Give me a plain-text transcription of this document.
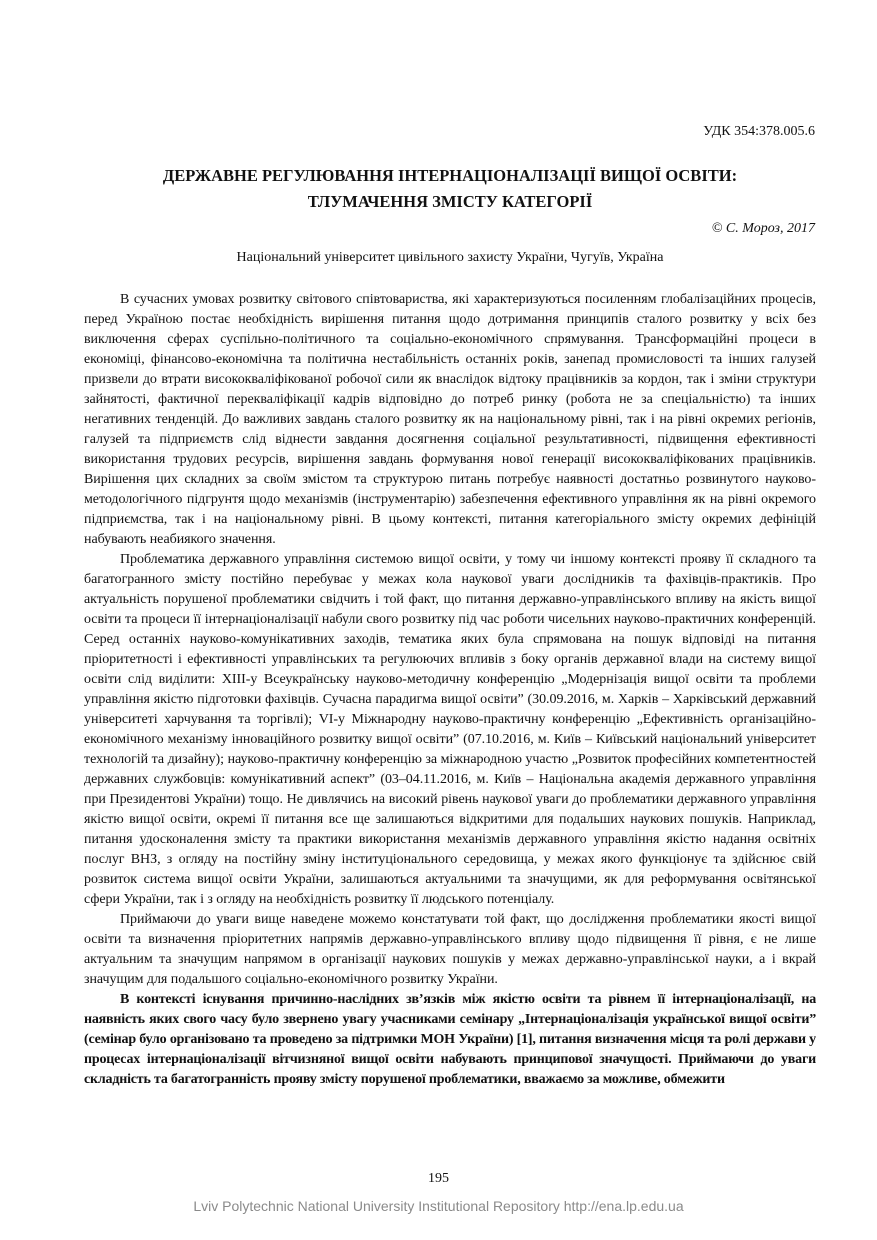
УДК 354:378.005.6
ДЕРЖАВНЕ РЕГУЛЮВАННЯ ІНТЕРНАЦІОНАЛІЗАЦІЇ ВИЩОЇ ОСВІТИ:
ТЛУМАЧЕННЯ ЗМІСТУ КАТЕГОРІЇ
© С. Мороз, 2017
Національний університет цивільного захисту України, Чугуїв, Україна

В сучасних умовах розвитку світового співтовариства, які характеризуються посиленням глобалізаційних процесів, перед Україною постає необхідність вирішення питання щодо дотримання принципів сталого розвитку у всіх без виключення сферах суспільно-політичного та соціально-економічного спрямування. Трансформаційні процеси в економіці, фінансово-економічна та політична нестабільність останніх років, занепад промисловості та інших галузей призвели до втрати висококваліфікованої робочої сили як внаслідок відтоку працівників за кордон, так і зміни структури зайнятості, фактичної перекваліфікації кадрів відповідно до потреб ринку (робота не за спеціальністю) та інших негативних тенденцій. До важливих завдань сталого розвитку як на національному рівні, так і на рівні окремих регіонів, галузей та підприємств слід віднести завдання досягнення соціальної результативності, підвищення ефективності використання трудових ресурсів, вирішення завдань формування нової генерації висококваліфікованих працівників. Вирішення цих складних за своїм змістом та структурою питань потребує наявності достатньо розвинутого науково-методологічного підгрунтя щодо механізмів (інструментарію) забезпечення ефективного управління як на рівні окремого підприємства, так і на національному рівні. В цьому контексті, питання категоріального змісту окремих дефініцій набувають неабиякого значення.

Проблематика державного управління системою вищої освіти, у тому чи іншому контексті прояву її складного та багатогранного змісту постійно перебуває у межах кола наукової уваги дослідників та фахівців-практиків. Про актуальність порушеної проблематики свідчить і той факт, що питання державно-управлінського впливу на якість вищої освіти та процеси її інтернаціоналізації набули свого розвитку під час роботи чисельних науково-практичних конференцій. Серед останніх науково-комунікативних заходів, тематика яких була спрямована на пошук відповіді на питання пріоритетності і ефективності управлінських та регулюючих впливів з боку органів державної влади на систему вищої освіти слід виділити: ХІІІ-у Всеукраїнську науково-методичну конференцію „Модернізація вищої освіти та проблеми управління якістю підготовки фахівців. Сучасна парадигма вищої освіти” (30.09.2016, м. Харків – Харківський державний університеті харчування та торгівлі); VI-у Міжнародну науково-практичну конференцію „Ефективність організаційно-економічного механізму інноваційного розвитку вищої освіти” (07.10.2016, м. Київ – Київський національний університет технологій та дизайну); науково-практичну конференцію за міжнародною участю „Розвиток професійних компетентностей державних службовців: комунікативний аспект” (03–04.11.2016, м. Київ – Національна академія державного управління при Президентові України) тощо. Не дивлячись на високий рівень наукової уваги до проблематики державного управління якістю вищої освіти, окремі її питання все ще залишаються відкритими для подальших наукових пошуків. Наприклад, питання удосконалення змісту та практики використання механізмів державного управління якістю надання освітніх послуг ВНЗ, з огляду на постійну зміну інституціонального середовища, у межах якого функціонує та здійснює свій розвиток система вищої освіти України, залишаються актуальними та значущими, як для реформування освітянської сфери України, так і з огляду на необхідність розвитку її людського потенціалу.

Приймаючи до уваги вище наведене можемо констатувати той факт, що дослідження проблематики якості вищої освіти та визначення пріоритетних напрямів державно-управлінського впливу щодо підвищення її рівня, є не лише актуальним та значущим напрямом в організації наукових пошуків у межах державно-управлінської науки, а і вкрай значущим для подальшого соціально-економічного розвитку України.

В контексті існування причинно-наслідних зв’язків між якістю освіти та рівнем її інтернаціоналізації, на наявність яких свого часу було звернено увагу учасниками семінару „Інтернаціоналізація української вищої освіти” (семінар було організовано та проведено за підтримки МОН України) [1], питання визначення місця та ролі держави у процесах інтернаціоналізації вітчизняної вищої освіти набувають принципової значущості. Приймаючи до уваги складність та багатогранність прояву змісту порушеної проблематики, вважаємо за можливе, обмежити

195
Lviv Polytechnic National University Institutional Repository http://ena.lp.edu.ua
